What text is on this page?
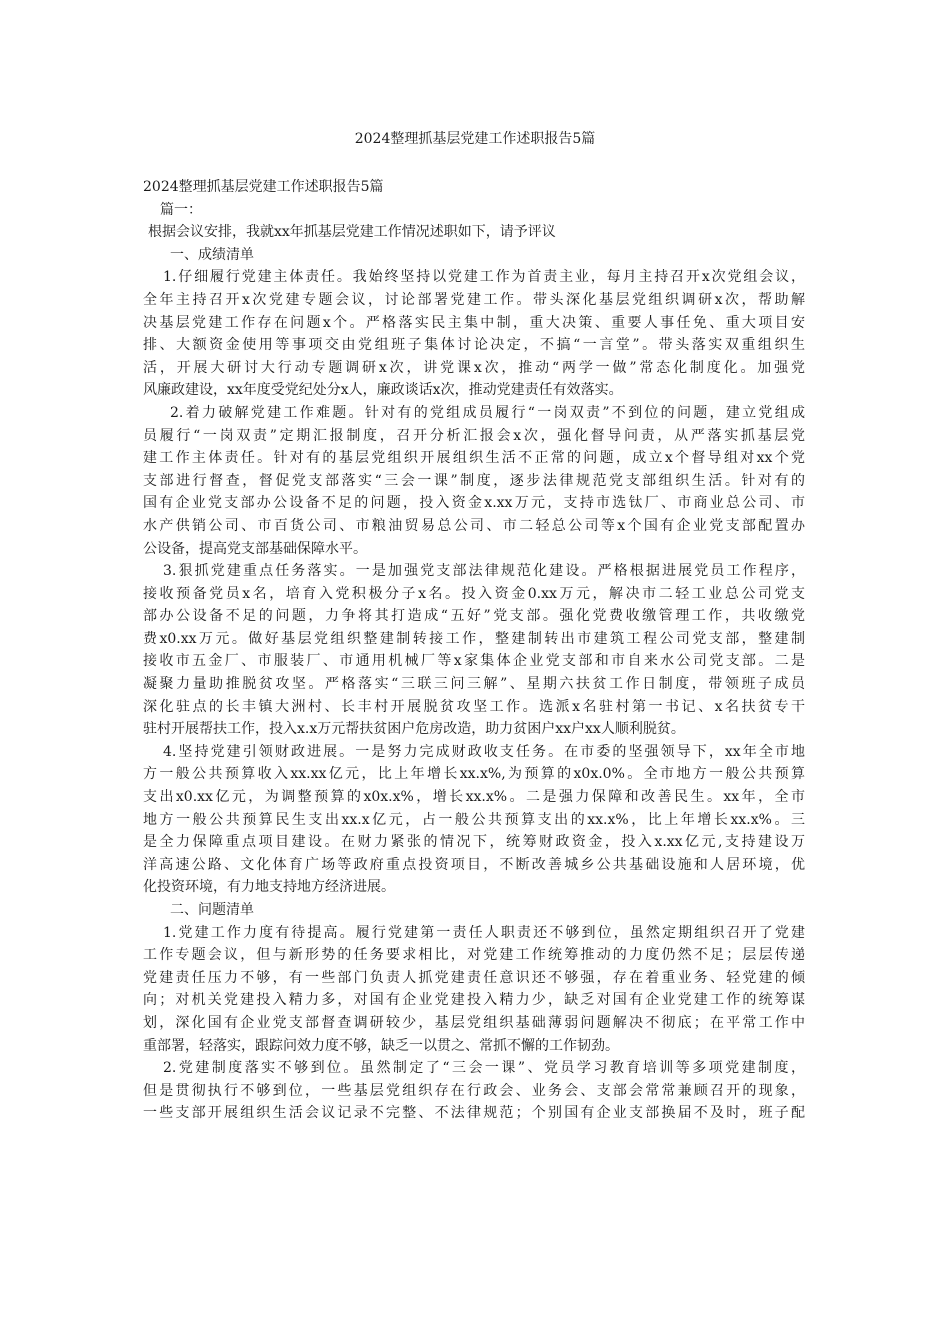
2024整理抓基层党建工作述职报告5篇
2024整理抓基层党建工作述职报告5篇
篇一：
根据会议安排，我就xx年抓基层党建工作情况述职如下，请予评议
一、成绩清单
1.仔细履行党建主体责任。我始终坚持以党建工作为首责主业，每月主持召开x次党组会议，
全年主持召开x次党建专题会议，讨论部署党建工作。带头深化基层党组织调研x次，帮助解
决基层党建工作存在问题x个。严格落实民主集中制，重大决策、重要人事任免、重大项目安
排、大额资金使用等事项交由党组班子集体讨论决定，不搞“一言堂”。带头落实双重组织生
活，开展大研讨大行动专题调研x次，讲党课x次，推动“两学一做”常态化制度化。加强党
风廉政建设，xx年度受党纪处分x人，廉政谈话x次，推动党建责任有效落实。
2.着力破解党建工作难题。针对有的党组成员履行“一岗双责”不到位的问题，建立党组成
员履行“一岗双责”定期汇报制度，召开分析汇报会x次，强化督导问责，从严落实抓基层党
建工作主体责任。针对有的基层党组织开展组织生活不正常的问题，成立x个督导组对xx个党
支部进行督查，督促党支部落实“三会一课”制度，逐步法律规范党支部组织生活。针对有的
国有企业党支部办公设备不足的问题，投入资金x.xx万元，支持市选钛厂、市商业总公司、市
水产供销公司、市百货公司、市粮油贸易总公司、市二轻总公司等x个国有企业党支部配置办
公设备，提高党支部基础保障水平。
3.狠抓党建重点任务落实。一是加强党支部法律规范化建设。严格根据进展党员工作程序，
接收预备党员x名，培育入党积极分子x名。投入资金0.xx万元，解决市二轻工业总公司党支
部办公设备不足的问题，力争将其打造成“五好”党支部。强化党费收缴管理工作，共收缴党
费x0.xx万元。做好基层党组织整建制转接工作，整建制转出市建筑工程公司党支部，整建制
接收市五金厂、市服装厂、市通用机械厂等x家集体企业党支部和市自来水公司党支部。二是
凝聚力量助推脱贫攻坚。严格落实“三联三问三解”、星期六扶贫工作日制度，带领班子成员
深化驻点的长丰镇大洲村、长丰村开展脱贫攻坚工作。选派x名驻村第一书记、x名扶贫专干
驻村开展帮扶工作，投入x.x万元帮扶贫困户危房改造，助力贫困户xx户xx人顺利脱贫。
4.坚持党建引领财政进展。一是努力完成财政收支任务。在市委的坚强领导下，xx年全市地
方一般公共预算收入xx.xx亿元，比上年增长xx.x%,为预算的x0x.0%。全市地方一般公共预算
支出x0.xx亿元，为调整预算的x0x.x%，增长xx.x%。二是强力保障和改善民生。xx年，全市
地方一般公共预算民生支出xx.x亿元，占一般公共预算支出的xx.x%，比上年增长xx.x%。三
是全力保障重点项目建设。在财力紧张的情况下，统筹财政资金，投入x.xx亿元,支持建设万
洋高速公路、文化体育广场等政府重点投资项目，不断改善城乡公共基础设施和人居环境，优
化投资环境，有力地支持地方经济进展。
二、问题清单
1.党建工作力度有待提高。履行党建第一责任人职责还不够到位，虽然定期组织召开了党建
工作专题会议，但与新形势的任务要求相比，对党建工作统筹推动的力度仍然不足；层层传递
党建责任压力不够，有一些部门负责人抓党建责任意识还不够强，存在着重业务、轻党建的倾
向；对机关党建投入精力多，对国有企业党建投入精力少，缺乏对国有企业党建工作的统筹谋
划，深化国有企业党支部督查调研较少，基层党组织基础薄弱问题解决不彻底；在平常工作中
重部署，轻落实，跟踪问效力度不够，缺乏一以贯之、常抓不懈的工作韧劲。
2.党建制度落实不够到位。虽然制定了“三会一课”、党员学习教育培训等多项党建制度，
但是贯彻执行不够到位，一些基层党组织存在行政会、业务会、支部会常常兼顾召开的现象，
一些支部开展组织生活会议记录不完整、不法律规范；个别国有企业支部换届不及时，班子配
